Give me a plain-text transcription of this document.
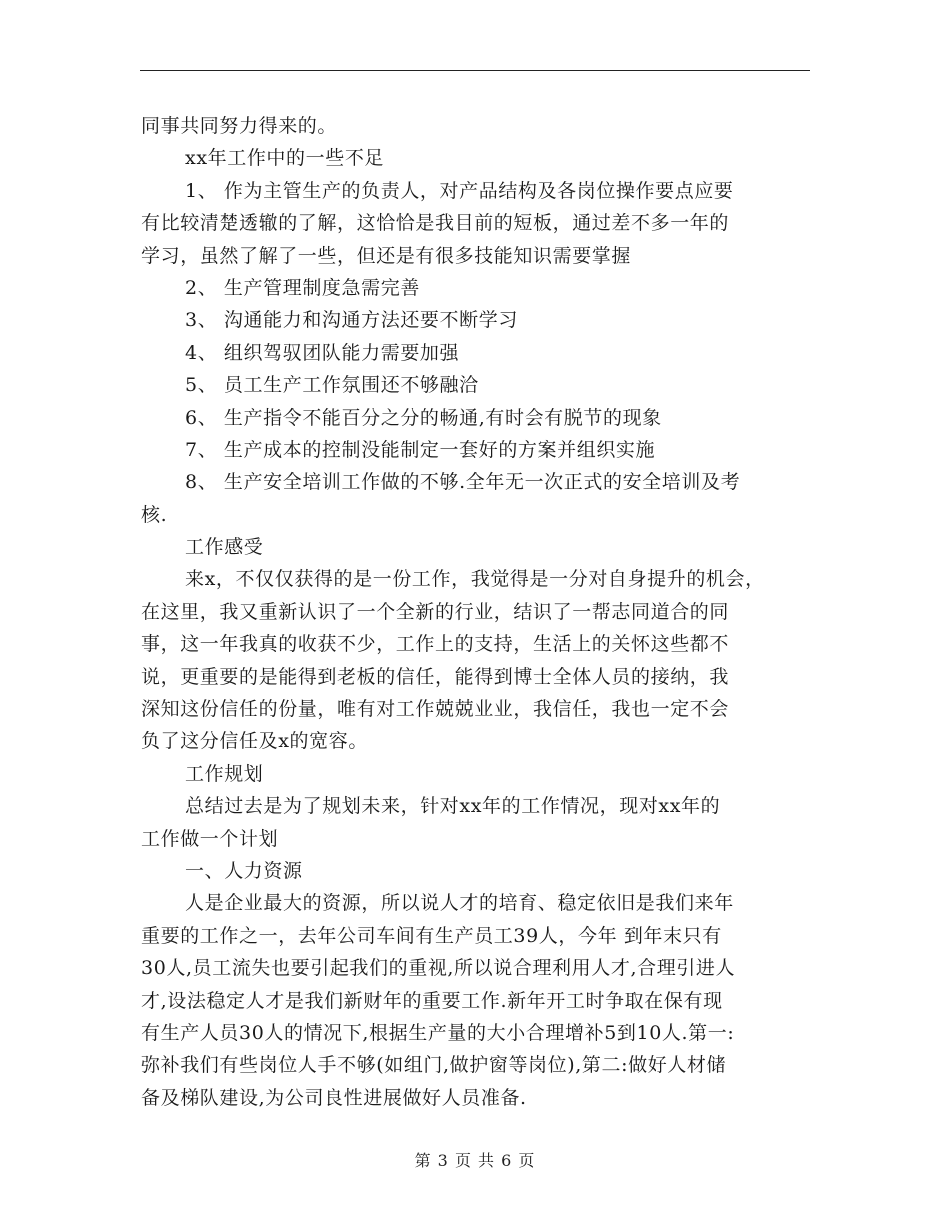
同事共同努力得来的。
xx年工作中的一些不足
1、 作为主管生产的负责人，对产品结构及各岗位操作要点应要
有比较清楚透辙的了解，这恰恰是我目前的短板，通过差不多一年的
学习，虽然了解了一些，但还是有很多技能知识需要掌握
2、 生产管理制度急需完善
3、 沟通能力和沟通方法还要不断学习
4、 组织驾驭团队能力需要加强
5、 员工生产工作氛围还不够融洽
6、 生产指令不能百分之分的畅通,有时会有脱节的现象
7、 生产成本的控制没能制定一套好的方案并组织实施
8、 生产安全培训工作做的不够.全年无一次正式的安全培训及考
核.
工作感受
来x，不仅仅获得的是一份工作，我觉得是一分对自身提升的机会，
在这里，我又重新认识了一个全新的行业，结识了一帮志同道合的同
事，这一年我真的收获不少，工作上的支持，生活上的关怀这些都不
说，更重要的是能得到老板的信任，能得到博士全体人员的接纳，我
深知这份信任的份量，唯有对工作兢兢业业，我信任，我也一定不会
负了这分信任及x的宽容。
工作规划
总结过去是为了规划未来，针对xx年的工作情况，现对xx年的
工作做一个计划
一、人力资源
人是企业最大的资源，所以说人才的培育、稳定依旧是我们来年
重要的工作之一，去年公司车间有生产员工39人，今年 到年末只有
30人,员工流失也要引起我们的重视,所以说合理利用人才,合理引进人
才,设法稳定人才是我们新财年的重要工作.新年开工时争取在保有现
有生产人员30人的情况下,根据生产量的大小合理增补5到10人.第一:
弥补我们有些岗位人手不够(如组门,做护窗等岗位),第二:做好人材储
备及梯队建设,为公司良性进展做好人员准备.
第 3 页 共 6 页
